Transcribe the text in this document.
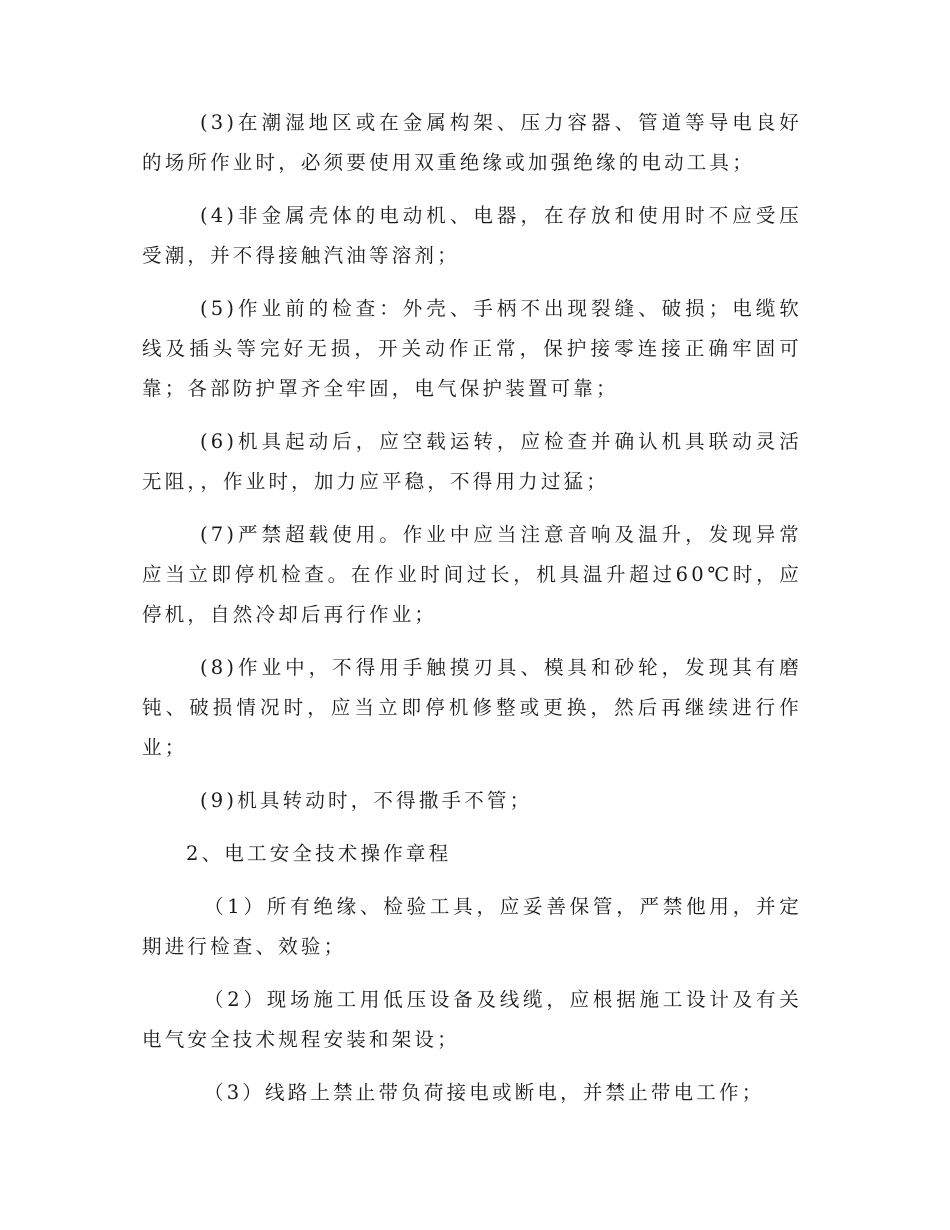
(3)在潮湿地区或在金属构架、压力容器、管道等导电良好的场所作业时，必须要使用双重绝缘或加强绝缘的电动工具；

(4)非金属壳体的电动机、电器，在存放和使用时不应受压受潮，并不得接触汽油等溶剂；

(5)作业前的检查：外壳、手柄不出现裂缝、破损；电缆软线及插头等完好无损，开关动作正常，保护接零连接正确牢固可靠；各部防护罩齐全牢固，电气保护装置可靠；

(6)机具起动后，应空载运转，应检查并确认机具联动灵活无阻，，作业时，加力应平稳，不得用力过猛；

(7)严禁超载使用。作业中应当注意音响及温升，发现异常应当立即停机检查。在作业时间过长，机具温升超过60℃时，应停机，自然冷却后再行作业；

(8)作业中，不得用手触摸刃具、模具和砂轮，发现其有磨钝、破损情况时，应当立即停机修整或更换，然后再继续进行作业；

(9)机具转动时，不得撒手不管；

2、电工安全技术操作章程

（1）所有绝缘、检验工具，应妥善保管，严禁他用，并定期进行检查、效验；

（2）现场施工用低压设备及线缆，应根据施工设计及有关电气安全技术规程安装和架设；

（3）线路上禁止带负荷接电或断电，并禁止带电工作；
